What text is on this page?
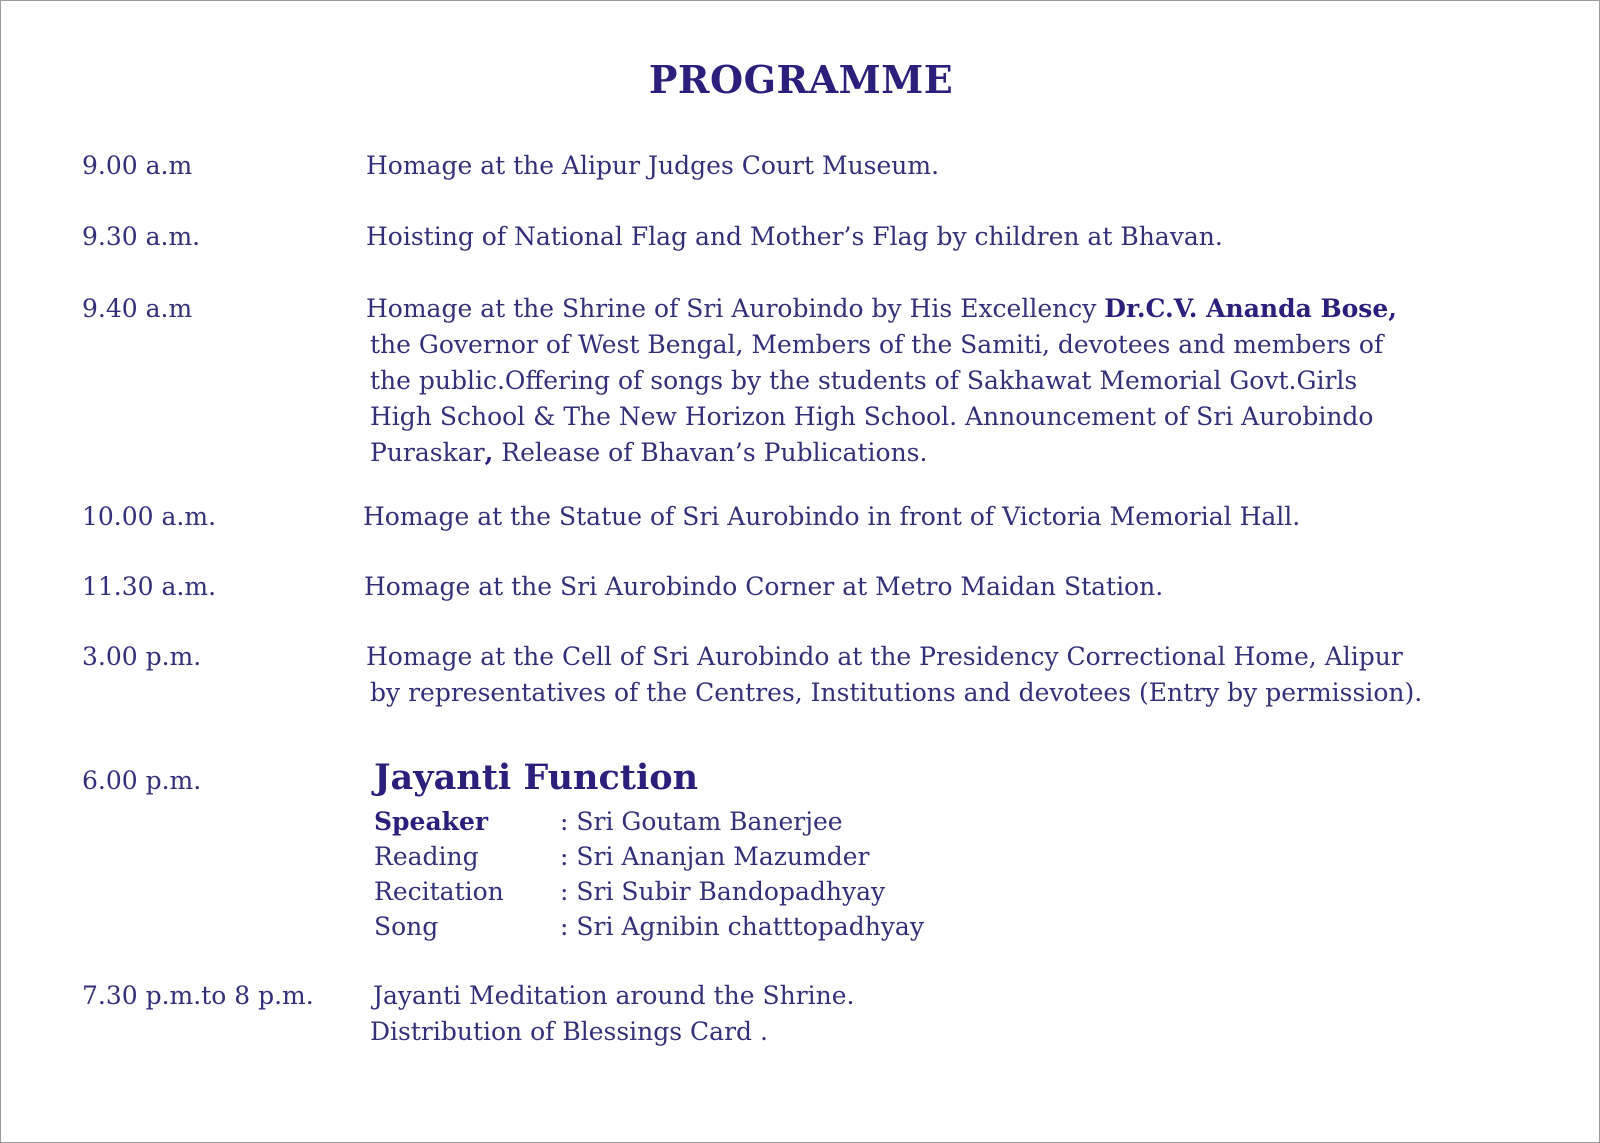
PROGRAMME
9.00 a.m	Homage at the Alipur Judges Court Museum.
9.30 a.m.	Hoisting of National Flag and Mother’s Flag by children at Bhavan.
9.40 a.m	Homage at the Shrine of Sri Aurobindo by His Excellency Dr.C.V. Ananda Bose,
the Governor of West Bengal, Members of the Samiti, devotees and members of
the public.Offering of songs by the students of Sakhawat Memorial Govt.Girls
High School & The New Horizon High School. Announcement of Sri Aurobindo
Puraskar, Release of Bhavan’s Publications.
10.00 a.m.	Homage at the Statue of Sri Aurobindo in front of Victoria Memorial Hall.
11.30 a.m.	Homage at the Sri Aurobindo Corner at Metro Maidan Station.
3.00 p.m.	Homage at the Cell of Sri Aurobindo at the Presidency Correctional Home, Alipur
by representatives of the Centres, Institutions and devotees (Entry by permission).
6.00 p.m.	Jayanti Function
Speaker	: Sri Goutam Banerjee
Reading	: Sri Ananjan Mazumder
Recitation : Sri Subir Bandopadhyay
Song	: Sri Agnibin chatttopadhyay
7.30 p.m.to 8 p.m. Jayanti Meditation around the Shrine.
Distribution of Blessings Card .
